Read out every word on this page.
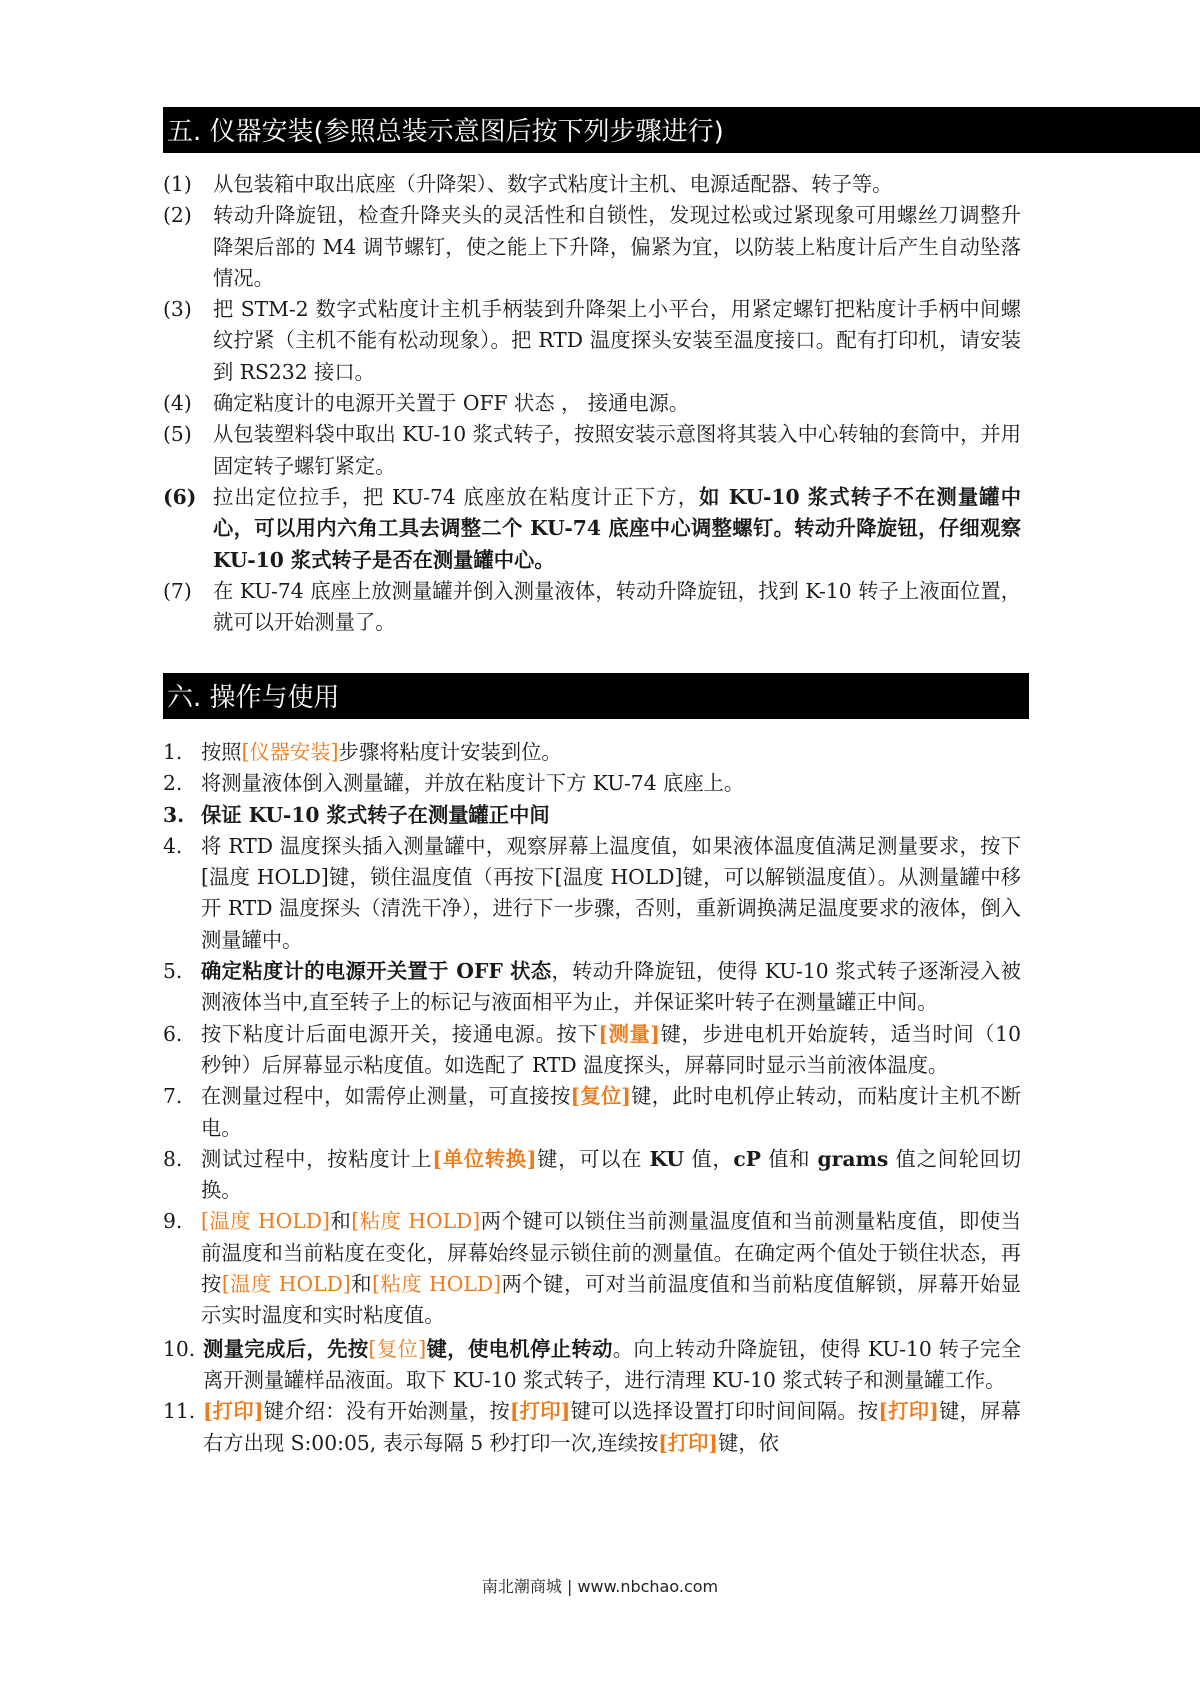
五. 仪器安装(参照总装示意图后按下列步骤进行)
(1)	从包装箱中取出底座（升降架）、数字式粘度计主机、电源适配器、转子等。
(2)	转动升降旋钮，检查升降夹头的灵活性和自锁性，发现过松或过紧现象可用螺丝刀调整升降架后部的 M4 调节螺钉，使之能上下升降，偏紧为宜，以防装上粘度计后产生自动坠落情况。
(3)	把 STM-2 数字式粘度计主机手柄装到升降架上小平台，用紧定螺钉把粘度计手柄中间螺纹拧紧（主机不能有松动现象）。把 RTD 温度探头安装至温度接口。配有打印机，请安装到 RS232 接口。
(4)	确定粘度计的电源开关置于 OFF 状态 ， 接通电源。
(5)	从包装塑料袋中取出 KU-10 浆式转子，按照安装示意图将其装入中心转轴的套筒中，并用固定转子螺钉紧定。
(6) 拉出定位拉手，把 KU-74 底座放在粘度计正下方，如 KU-10 浆式转子不在测量罐中心，可以用内六角工具去调整二个 KU-74 底座中心调整螺钉。转动升降旋钮，仔细观察 KU-10 浆式转子是否在测量罐中心。
(7)	在 KU-74 底座上放测量罐并倒入测量液体，转动升降旋钮，找到 K-10 转子上液面位置，就可以开始测量了。
六. 操作与使用
1. 按照[仪器安装]步骤将粘度计安装到位。
2. 将测量液体倒入测量罐，并放在粘度计下方 KU-74 底座上。
3. 保证 KU-10 浆式转子在测量罐正中间
4. 将 RTD 温度探头插入测量罐中，观察屏幕上温度值，如果液体温度值满足测量要求，按下[温度 HOLD]键，锁住温度值（再按下[温度 HOLD]键，可以解锁温度值）。从测量罐中移开 RTD 温度探头（清洗干净），进行下一步骤，否则，重新调换满足温度要求的液体，倒入测量罐中。
5. 确定粘度计的电源开关置于 OFF 状态，转动升降旋钮，使得 KU-10 浆式转子逐渐浸入被测液体当中,直至转子上的标记与液面相平为止，并保证桨叶转子在测量罐正中间。
6. 按下粘度计后面电源开关，接通电源。按下[测量]键，步进电机开始旋转，适当时间（10 秒钟）后屏幕显示粘度值。如选配了 RTD 温度探头，屏幕同时显示当前液体温度。
7. 在测量过程中，如需停止测量，可直接按[复位]键，此时电机停止转动，而粘度计主机不断电。
8. 测试过程中，按粘度计上[单位转换]键，可以在 KU 值，cP 值和 grams 值之间轮回切换。
9. [温度 HOLD]和[粘度 HOLD]两个键可以锁住当前测量温度值和当前测量粘度值，即使当前温度和当前粘度在变化，屏幕始终显示锁住前的测量值。在确定两个值处于锁住状态，再按[温度 HOLD]和[粘度 HOLD]两个键，可对当前温度值和当前粘度值解锁，屏幕开始显示实时温度和实时粘度值。
10. 测量完成后，先按[复位]键，使电机停止转动。向上转动升降旋钮，使得 KU-10 转子完全离开测量罐样品液面。取下 KU-10 浆式转子，进行清理 KU-10 浆式转子和测量罐工作。
11. [打印]键介绍：没有开始测量，按[打印]键可以选择设置打印时间间隔。按[打印]键，屏幕右方出现 S:00:05, 表示每隔 5 秒打印一次,连续按[打印]键，依
南北潮商城 | www.nbchao.com
